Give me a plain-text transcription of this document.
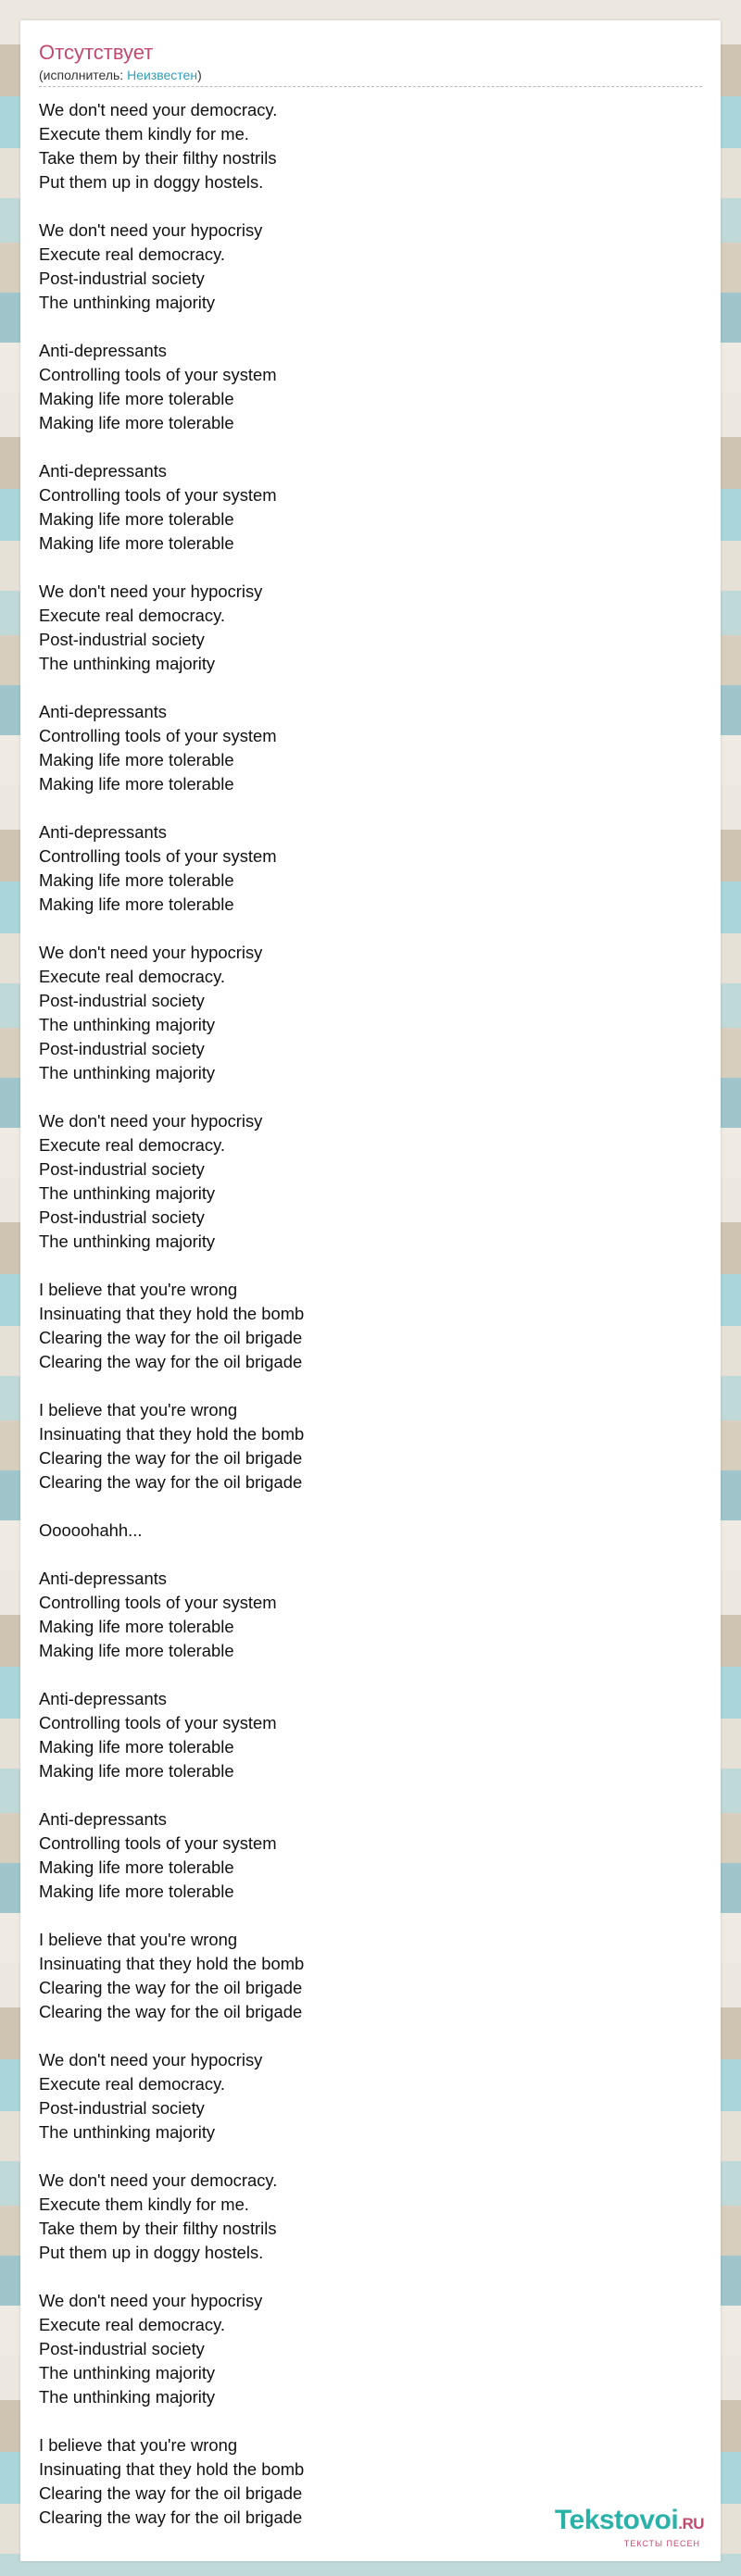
Отсутствует
(исполнитель: Неизвестен)
We don't need your democracy.
Execute them kindly for me.
Take them by their filthy nostrils
Put them up in doggy hostels.
We don't need your hypocrisy
Execute real democracy.
Post-industrial society
The unthinking majority
Anti-depressants
Controlling tools of your system
Making life more tolerable
Making life more tolerable
Anti-depressants
Controlling tools of your system
Making life more tolerable
Making life more tolerable
We don't need your hypocrisy
Execute real democracy.
Post-industrial society
The unthinking majority
Anti-depressants
Controlling tools of your system
Making life more tolerable
Making life more tolerable
Anti-depressants
Controlling tools of your system
Making life more tolerable
Making life more tolerable
We don't need your hypocrisy
Execute real democracy.
Post-industrial society
The unthinking majority
Post-industrial society
The unthinking majority
We don't need your hypocrisy
Execute real democracy.
Post-industrial society
The unthinking majority
Post-industrial society
The unthinking majority
I believe that you're wrong
Insinuating that they hold the bomb
Clearing the way for the oil brigade
Clearing the way for the oil brigade
I believe that you're wrong
Insinuating that they hold the bomb
Clearing the way for the oil brigade
Clearing the way for the oil brigade
Ooooohahh...
Anti-depressants
Controlling tools of your system
Making life more tolerable
Making life more tolerable
Anti-depressants
Controlling tools of your system
Making life more tolerable
Making life more tolerable
Anti-depressants
Controlling tools of your system
Making life more tolerable
Making life more tolerable
I believe that you're wrong
Insinuating that they hold the bomb
Clearing the way for the oil brigade
Clearing the way for the oil brigade
We don't need your hypocrisy
Execute real democracy.
Post-industrial society
The unthinking majority
We don't need your democracy.
Execute them kindly for me.
Take them by their filthy nostrils
Put them up in doggy hostels.
We don't need your hypocrisy
Execute real democracy.
Post-industrial society
The unthinking majority
The unthinking majority
I believe that you're wrong
Insinuating that they hold the bomb
Clearing the way for the oil brigade
Clearing the way for the oil brigade	Tekstovoi.RU
ТЕКСТЫ ПЕСЕН
